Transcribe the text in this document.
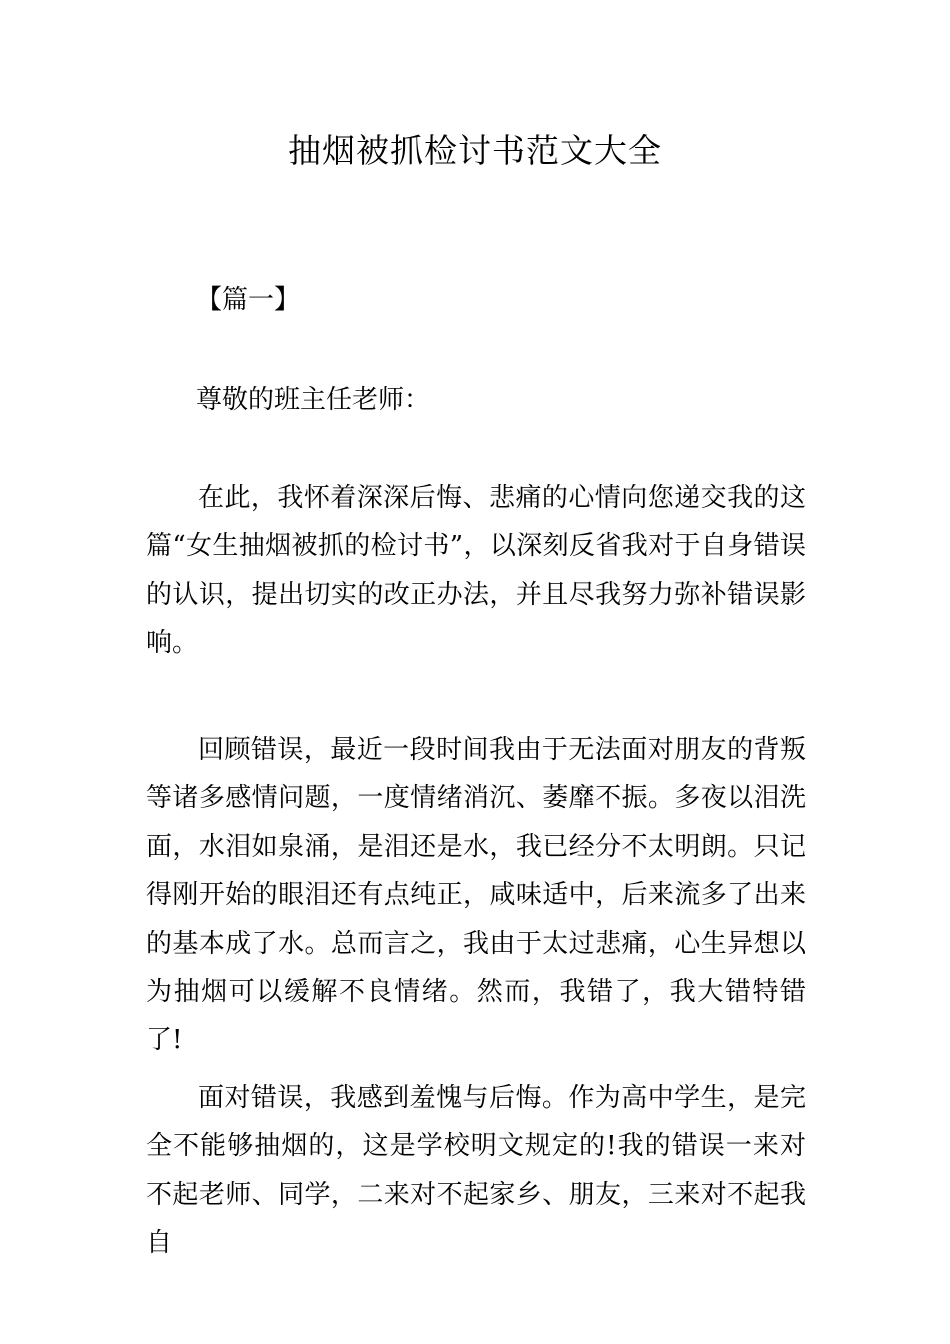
抽烟被抓检讨书范文大全
【篇一】
尊敬的班主任老师：

在此，我怀着深深后悔、悲痛的心情向您递交我的这篇“女生抽烟被抓的检讨书”，以深刻反省我对于自身错误的认识，提出切实的改正办法，并且尽我努力弥补错误影响。

回顾错误，最近一段时间我由于无法面对朋友的背叛等诸多感情问题，一度情绪消沉、萎靡不振。多夜以泪洗面，水泪如泉涌，是泪还是水，我已经分不太明朗。只记得刚开始的眼泪还有点纯正，咸味适中，后来流多了出来的基本成了水。总而言之，我由于太过悲痛，心生异想以为抽烟可以缓解不良情绪。然而，我错了，我大错特错了!

面对错误，我感到羞愧与后悔。作为高中学生，是完全不能够抽烟的，这是学校明文规定的!我的错误一来对不起老师、同学，二来对不起家乡、朋友，三来对不起我自
